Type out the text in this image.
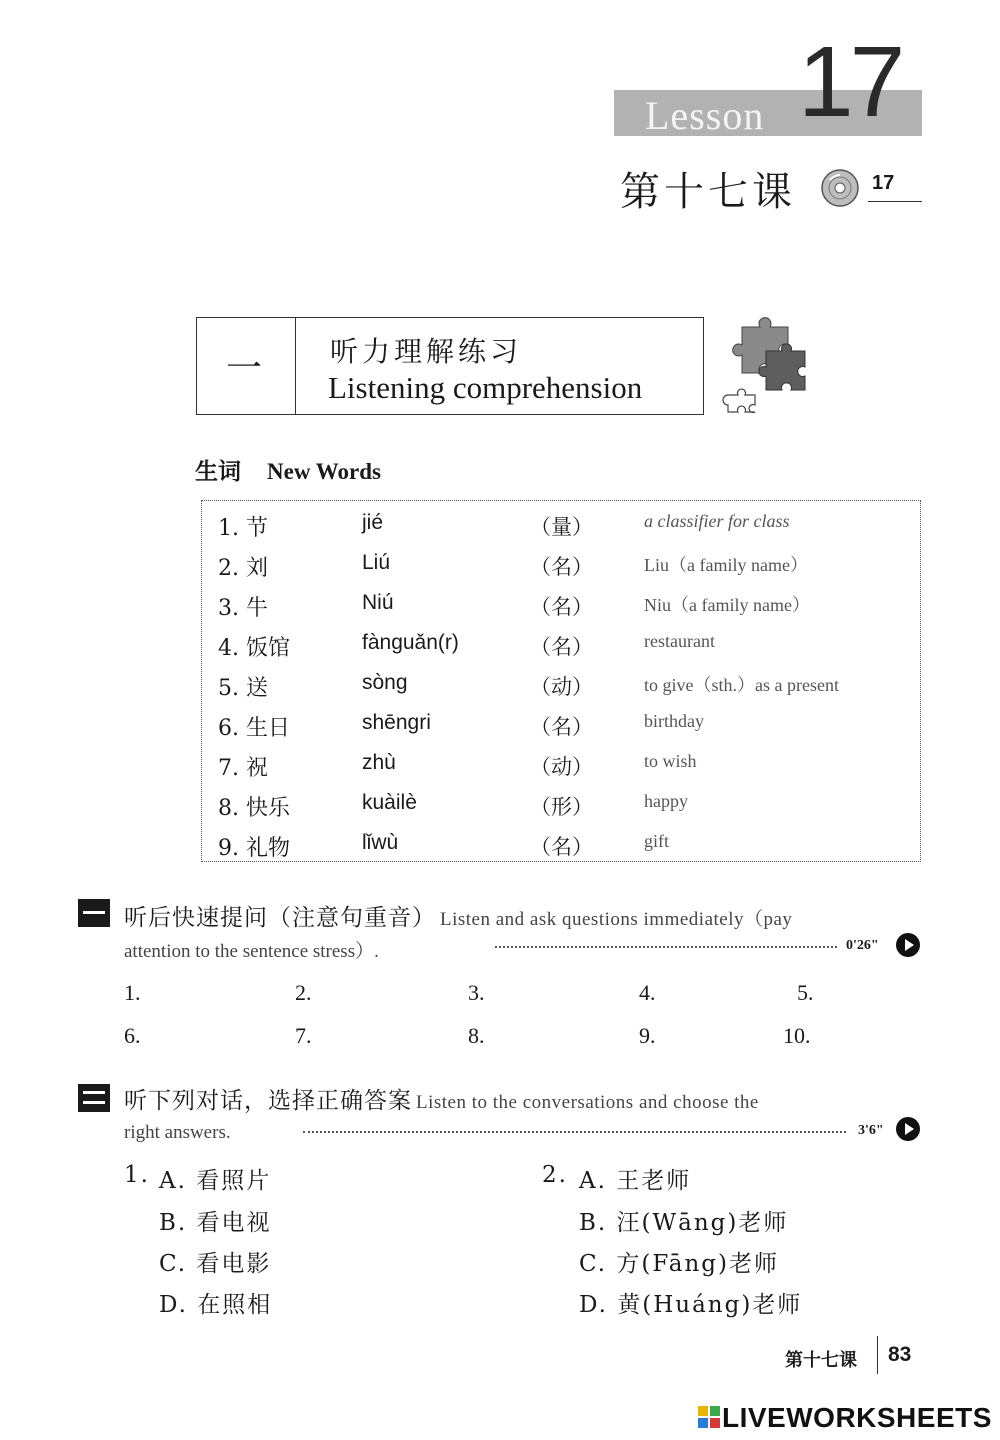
Lesson 17
第十七课	17
一 听力理解练习
Listening comprehension
生词 New Words
1. 节	jié	（量）	a classifier for class
2. 刘	Liú	（名）	Liu（a family name）
3. 牛	Niú	（名）	Niu（a family name）
4. 饭馆	fànguǎn(r)	（名）	restaurant
5. 送	sòng	（动）	to give（sth.）as a present
6. 生日	shēngri	（名）	birthday
7. 祝	zhù	（动）	to wish
8. 快乐	kuàilè	（形）	happy
9. 礼物	lǐwù	（名）	gift
听后快速提问（注意句重音） Listen and ask questions immediately（pay
attention to the sentence stress）.	0'26"
1.	2.	3.	4.	5.
6.	7.	8.	9.	10.
听下列对话，选择正确答案 Listen to the conversations and choose the
right answers.	3'6"
1. A. 看照片
B. 看电视
C. 看电影
D. 在照相
2. A. 王老师
B. 汪(Wāng)老师
C. 方(Fāng)老师
D. 黄(Huáng)老师
第十七课 83
LIVEWORKSHEETS
